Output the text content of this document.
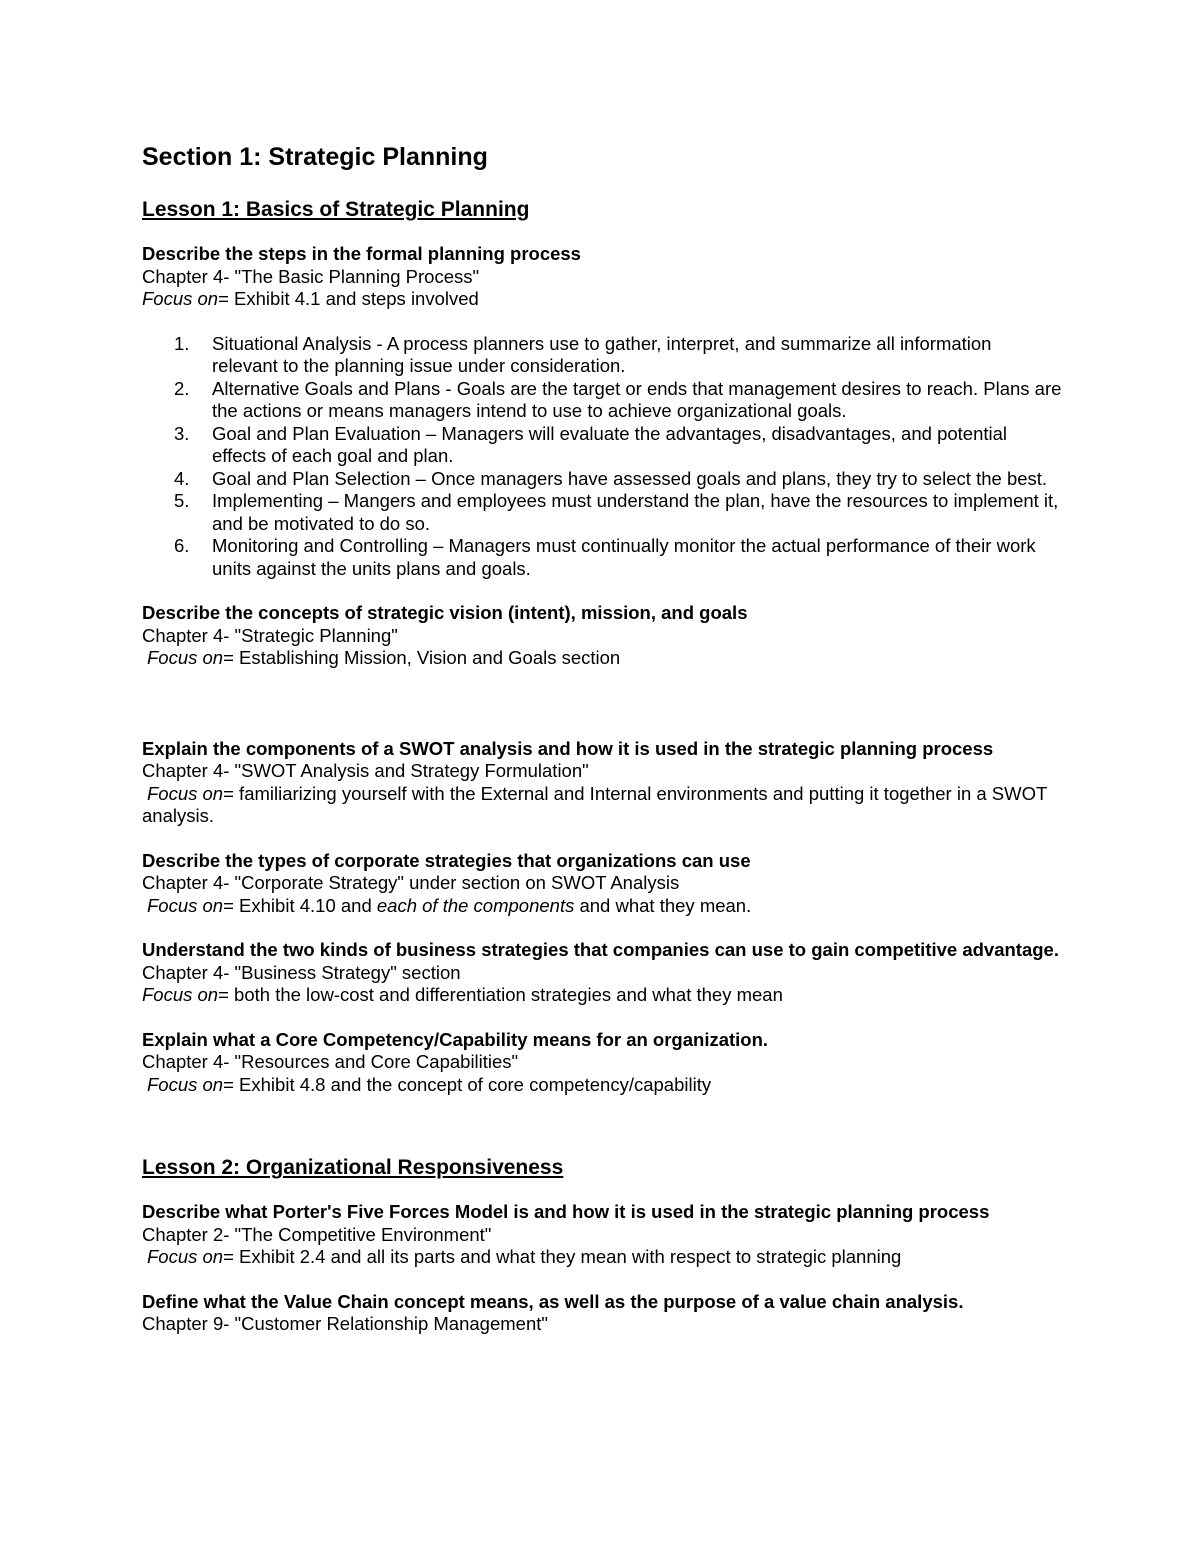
Section 1: Strategic Planning
Lesson 1: Basics of Strategic Planning

Describe the steps in the formal planning process

Chapter 4- "The Basic Planning Process"

Focus on= Exhibit 4.1 and steps involved

1. Situational Analysis - A process planners use to gather, interpret, and summarize all information relevant to the planning issue under consideration.
2. Alternative Goals and Plans - Goals are the target or ends that management desires to reach. Plans are the actions or means managers intend to use to achieve organizational goals.
3. Goal and Plan Evaluation – Managers will evaluate the advantages, disadvantages, and potential effects of each goal and plan.
4. Goal and Plan Selection – Once managers have assessed goals and plans, they try to select the best.
5. Implementing – Mangers and employees must understand the plan, have the resources to implement it, and be motivated to do so.
6. Monitoring and Controlling – Managers must continually monitor the actual performance of their work units against the units plans and goals.

Describe the concepts of strategic vision (intent), mission, and goals

Chapter 4- "Strategic Planning"

Focus on= Establishing Mission, Vision and Goals section

Explain the components of a SWOT analysis and how it is used in the strategic planning process

Chapter 4- "SWOT Analysis and Strategy Formulation"

Focus on= familiarizing yourself with the External and Internal environments and putting it together in a SWOT analysis.

Describe the types of corporate strategies that organizations can use

Chapter 4- "Corporate Strategy" under section on SWOT Analysis

Focus on= Exhibit 4.10 and each of the components and what they mean.

Understand the two kinds of business strategies that companies can use to gain competitive advantage.

Chapter 4- "Business Strategy" section

Focus on= both the low-cost and differentiation strategies and what they mean

Explain what a Core Competency/Capability means for an organization.

Chapter 4- "Resources and Core Capabilities"

Focus on= Exhibit 4.8 and the concept of core competency/capability

Lesson 2: Organizational Responsiveness

Describe what Porter's Five Forces Model is and how it is used in the strategic planning process

Chapter 2- "The Competitive Environment"

Focus on= Exhibit 2.4 and all its parts and what they mean with respect to strategic planning

Define what the Value Chain concept means, as well as the purpose of a value chain analysis.

Chapter 9- "Customer Relationship Management"
